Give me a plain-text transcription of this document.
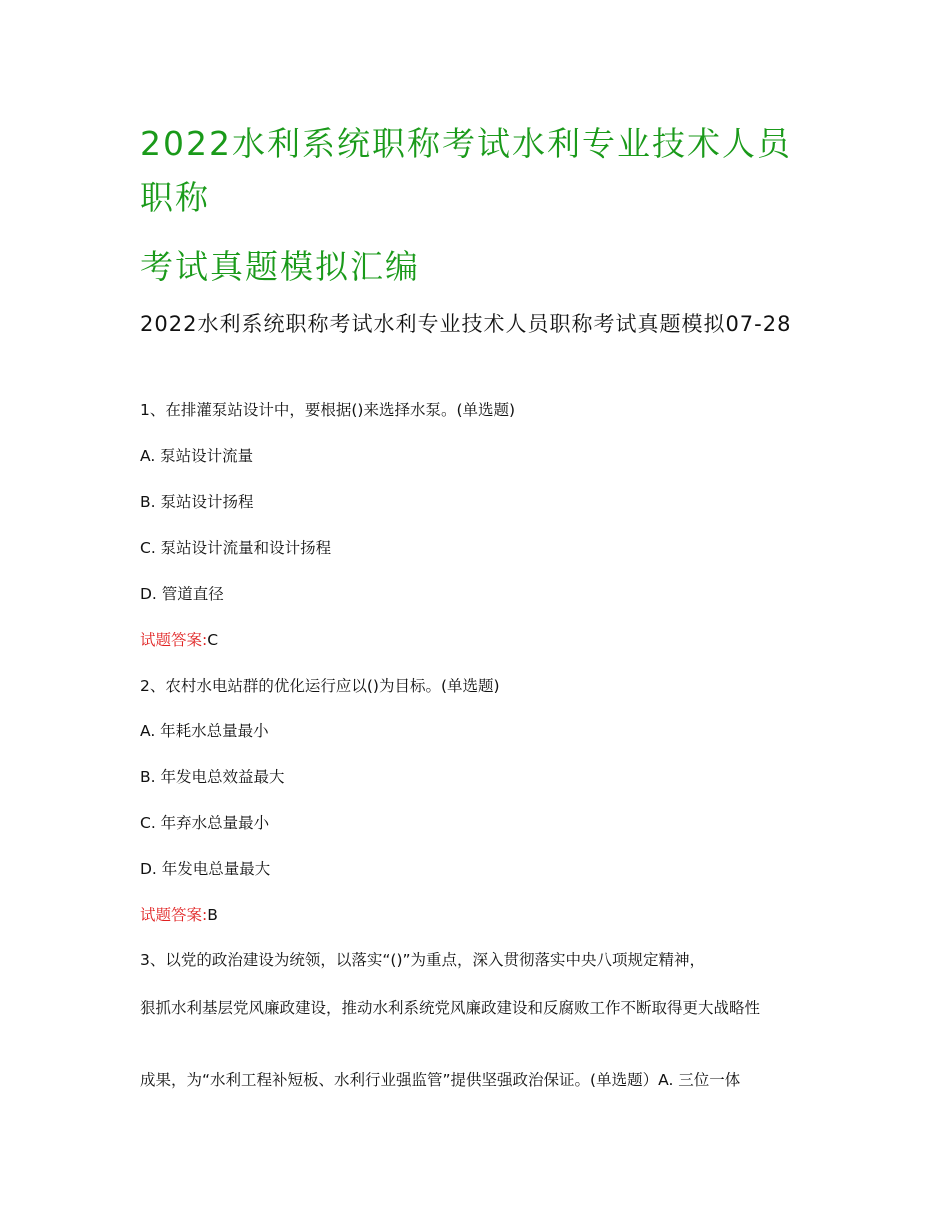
2022水利系统职称考试水利专业技术人员
职称
考试真题模拟汇编
2022水利系统职称考试水利专业技术人员职称考试真题模拟07-28

1、在排灌泵站设计中，要根据()来选择水泵。(单选题)

A. 泵站设计流量

B. 泵站设计扬程

C. 泵站设计流量和设计扬程

D. 管道直径

试题答案:C

2、农村水电站群的优化运行应以()为目标。(单选题)

A. 年耗水总量最小

B. 年发电总效益最大

C. 年弃水总量最小

D. 年发电总量最大

试题答案:B

3、以党的政治建设为统领，以落实“()”为重点，深入贯彻落实中央八项规定精神，

狠抓水利基层党风廉政建设，推动水利系统党风廉政建设和反腐败工作不断取得更大战略性

成果，为“水利工程补短板、水利行业强监管”提供坚强政治保证。(单选题）A. 三位一体
